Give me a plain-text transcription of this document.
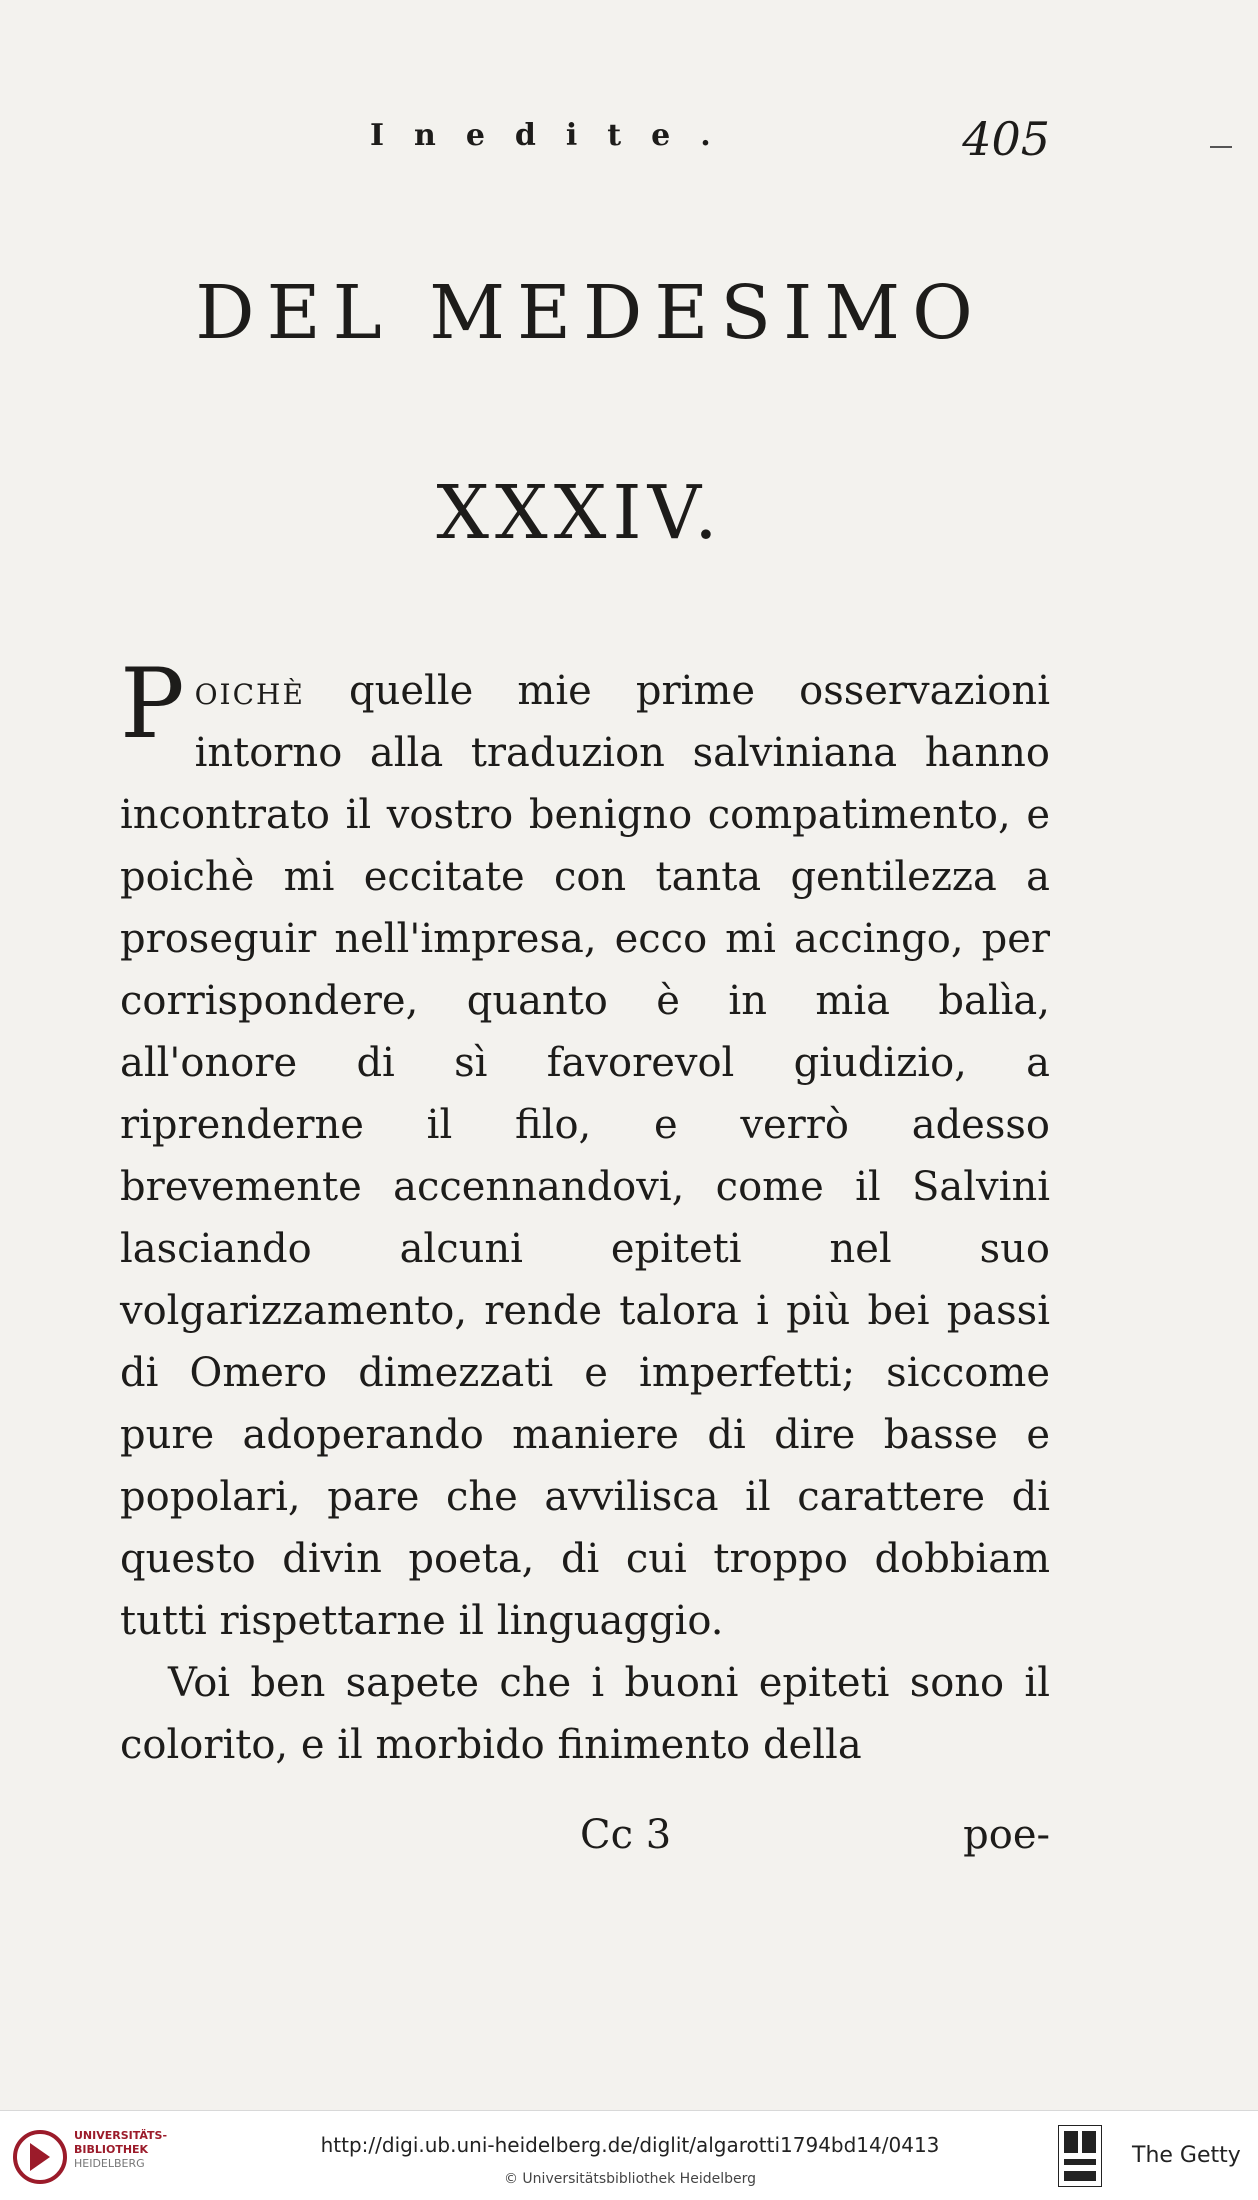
Inedite.	405
DEL MEDESIMO
XXXIV.

Poichè quelle mie prime osservazioni intorno alla traduzion salviniana hanno incontrato il vostro benigno compatimento, e poichè mi eccitate con tanta gentilezza a proseguir nell'impresa, ecco mi accingo, per corrispondere, quanto è in mia balìa, all'onore di sì favorevol giudizio, a riprenderne il filo, e verrò adesso brevemente accennandovi, come il Salvini lasciando alcuni epiteti nel suo volgarizzamento, rende talora i più bei passi di Omero dimezzati e imperfetti; siccome pure adoperando maniere di dire basse e popolari, pare che avvilisca il carattere di questo divin poeta, di cui troppo dobbiam tutti rispettarne il linguaggio.

Voi ben sapete che i buoni epiteti sono il colorito, e il morbido finimento della

Cc 3	poe-
UNIVERSITÄTS-
BIBLIOTHEK
HEIDELBERG
http://digi.ub.uni-heidelberg.de/diglit/algarotti1794bd14/0413
© Universitätsbibliothek Heidelberg
The Getty
